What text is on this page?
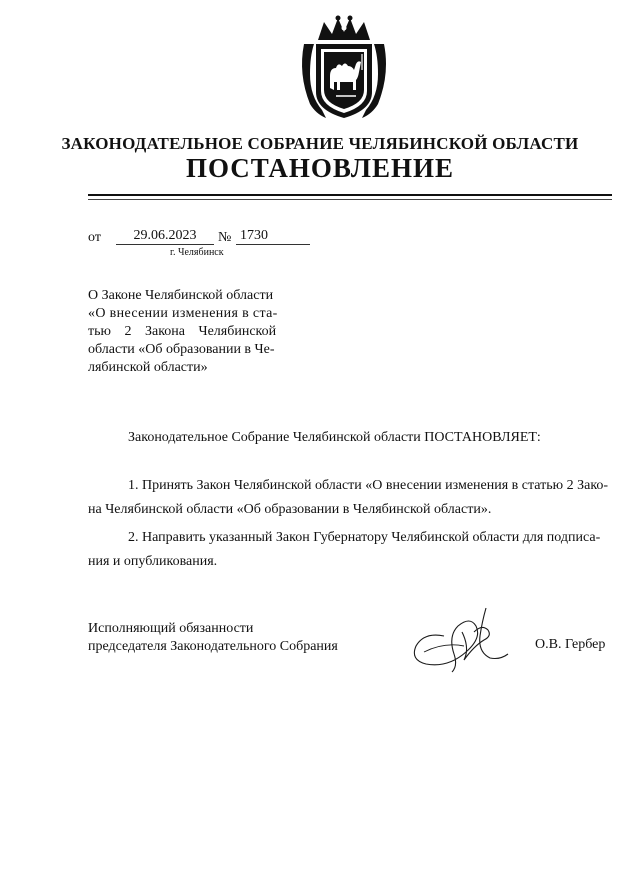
ЗАКОНОДАТЕЛЬНОЕ СОБРАНИЕ ЧЕЛЯБИНСКОЙ ОБЛАСТИ
ПОСТАНОВЛЕНИЕ
от	29.06.2023	№ 1730
г. Челябинск
О Законе Челябинской области
«О внесении изменения в ста-
тью 2 Закона Челябинской
области «Об образовании в Че-
лябинской области»
Законодательное Собрание Челябинской области ПОСТАНОВЛЯЕТ:
1. Принять Закон Челябинской области «О внесении изменения в статью 2 Зако-
на Челябинской области «Об образовании в Челябинской области».
2. Направить указанный Закон Губернатору Челябинской области для подписа-
ния и опубликования.
Исполняющий обязанности
председателя Законодательного Собрания	О.В. Гербер
